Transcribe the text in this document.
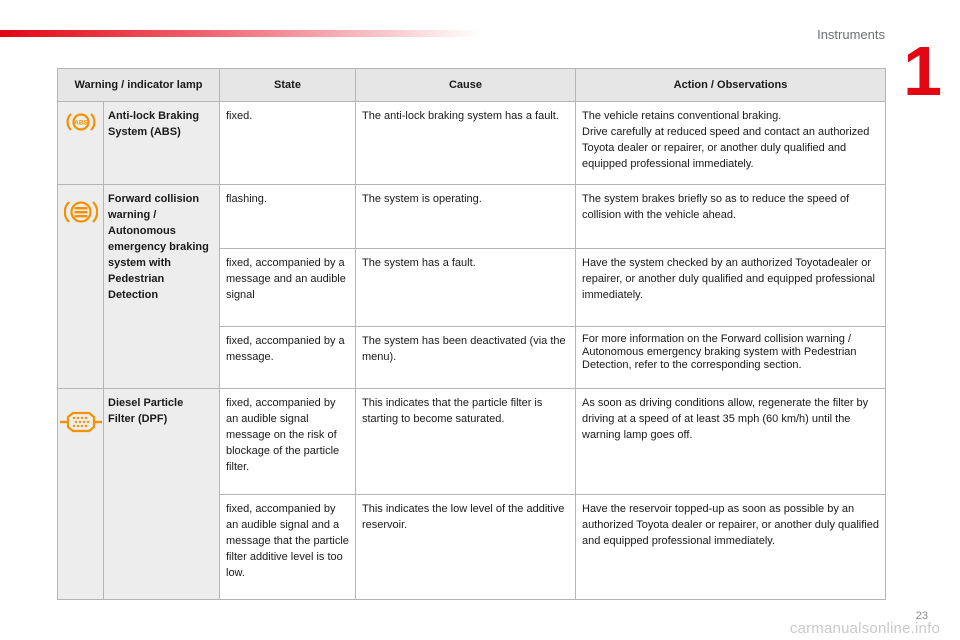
Instruments 1
Warning / indicator lamp		State	Cause	Action / Observations

ABS	Anti-lock Braking System (ABS)	fixed.	The anti-lock braking system has a fault.	The vehicle retains conventional braking.
Drive carefully at reduced speed and contact an authorized Toyota dealer or repairer, or another duly qualified and equipped professional immediately.

	Forward collision warning / Autonomous emergency braking system with Pedestrian Detection	flashing.	The system is operating.	The system brakes briefly so as to reduce the speed of collision with the vehicle ahead.
		fixed, accompanied by a message and an audible signal	The system has a fault.	Have the system checked by an authorized Toyotadealer or repairer, or another duly qualified and equipped professional immediately.
		fixed, accompanied by a message.	The system has been deactivated (via the menu).	For more information on the Forward collision warning / Autonomous emergency braking system with Pedestrian Detection, refer to the corresponding section.

	Diesel Particle Filter (DPF)	fixed, accompanied by an audible signal message on the risk of blockage of the particle filter.	This indicates that the particle filter is starting to become saturated.	As soon as driving conditions allow, regenerate the filter by driving at a speed of at least 35 mph (60 km/h) until the warning lamp goes off.
		fixed, accompanied by an audible signal and a message that the particle filter additive level is too low.	This indicates the low level of the additive reservoir.	Have the reservoir topped-up as soon as possible by an authorized Toyota dealer or repairer, or another duly qualified and equipped professional immediately.
23
carmanualsonline.info
